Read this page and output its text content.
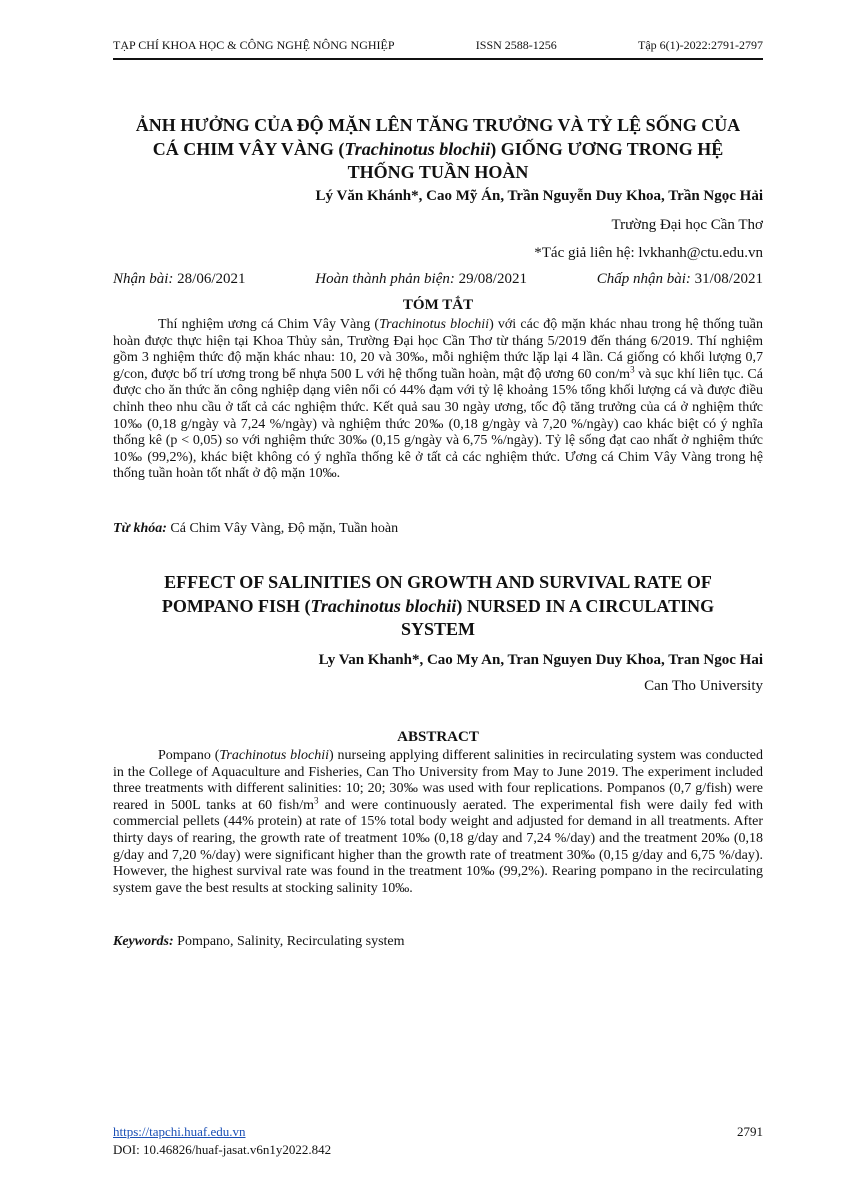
TẠP CHÍ KHOA HỌC & CÔNG NGHỆ NÔNG NGHIỆP	ISSN 2588-1256	Tập 6(1)-2022:2791-2797
ẢNH HƯỞNG CỦA ĐỘ MẶN LÊN TĂNG TRƯỞNG VÀ TỶ LỆ SỐNG CỦA
CÁ CHIM VÂY VÀNG (Trachinotus blochii) GIỐNG ƯƠNG TRONG HỆ
THỐNG TUẦN HOÀN
Lý Văn Khánh*, Cao Mỹ Án, Trần Nguyễn Duy Khoa, Trần Ngọc Hải
Trường Đại học Cần Thơ
*Tác giả liên hệ: lvkhanh@ctu.edu.vn
Nhận bài: 28/06/2021	Hoàn thành phản biện: 29/08/2021	Chấp nhận bài: 31/08/2021
TÓM TẮT
Thí nghiệm ương cá Chim Vây Vàng (Trachinotus blochii) với các độ mặn khác nhau trong hệ thống tuần hoàn được thực hiện tại Khoa Thủy sản, Trường Đại học Cần Thơ từ tháng 5/2019 đến tháng 6/2019. Thí nghiệm gồm 3 nghiệm thức độ mặn khác nhau: 10, 20 và 30‰, mỗi nghiệm thức lặp lại 4 lần. Cá giống có khối lượng 0,7 g/con, được bố trí ương trong bể nhựa 500 L với hệ thống tuần hoàn, mật độ ương 60 con/$m^3$ và sục khí liên tục. Cá được cho ăn thức ăn công nghiệp dạng viên nổi có 44% đạm với tỷ lệ khoảng 15% tổng khối lượng cá và được điều chỉnh theo nhu cầu ở tất cả các nghiệm thức. Kết quả sau 30 ngày ương, tốc độ tăng trưởng của cá ở nghiệm thức 10‰ (0,18 g/ngày và 7,24 %/ngày) và nghiệm thức 20‰ (0,18 g/ngày và 7,20 %/ngày) cao khác biệt có ý nghĩa thống kê (p < 0,05) so với nghiệm thức 30‰ (0,15 g/ngày và 6,75 %/ngày). Tỷ lệ sống đạt cao nhất ở nghiệm thức 10‰ (99,2%), khác biệt không có ý nghĩa thống kê ở tất cả các nghiệm thức. Ương cá Chim Vây Vàng trong hệ thống tuần hoàn tốt nhất ở độ mặn 10‰.
Từ khóa: Cá Chim Vây Vàng, Độ mặn, Tuần hoàn
EFFECT OF SALINITIES ON GROWTH AND SURVIVAL RATE OF
POMPANO FISH (Trachinotus blochii) NURSED IN A CIRCULATING
SYSTEM
Ly Van Khanh*, Cao My An, Tran Nguyen Duy Khoa, Tran Ngoc Hai
Can Tho University
ABSTRACT
Pompano (Trachinotus blochii) nurseing applying different salinities in recirculating system was conducted in the College of Aquaculture and Fisheries, Can Tho University from May to June 2019. The experiment included three treatments with different salinities: 10; 20; 30‰ was used with four replications. Pompanos (0,7 g/fish) were reared in 500L tanks at 60 fish/$m^3$ and were continuously aerated. The experimental fish were daily fed with commercial pellets (44% protein) at rate of 15% total body weight and adjusted for demand in all treatments. After thirty days of rearing, the growth rate of treatment 10‰ (0,18 g/day and 7,24 %/day) and the treatment 20‰ (0,18 g/day and 7,20 %/day) were significant higher than the growth rate of treatment 30‰ (0,15 g/day and 6,75 %/day). However, the highest survival rate was found in the treatment 10‰ (99,2%). Rearing pompano in the recirculating system gave the best results at stocking salinity 10‰.
Keywords: Pompano, Salinity, Recirculating system
https://tapchi.huaf.edu.vn	2791
DOI: 10.46826/huaf-jasat.v6n1y2022.842
